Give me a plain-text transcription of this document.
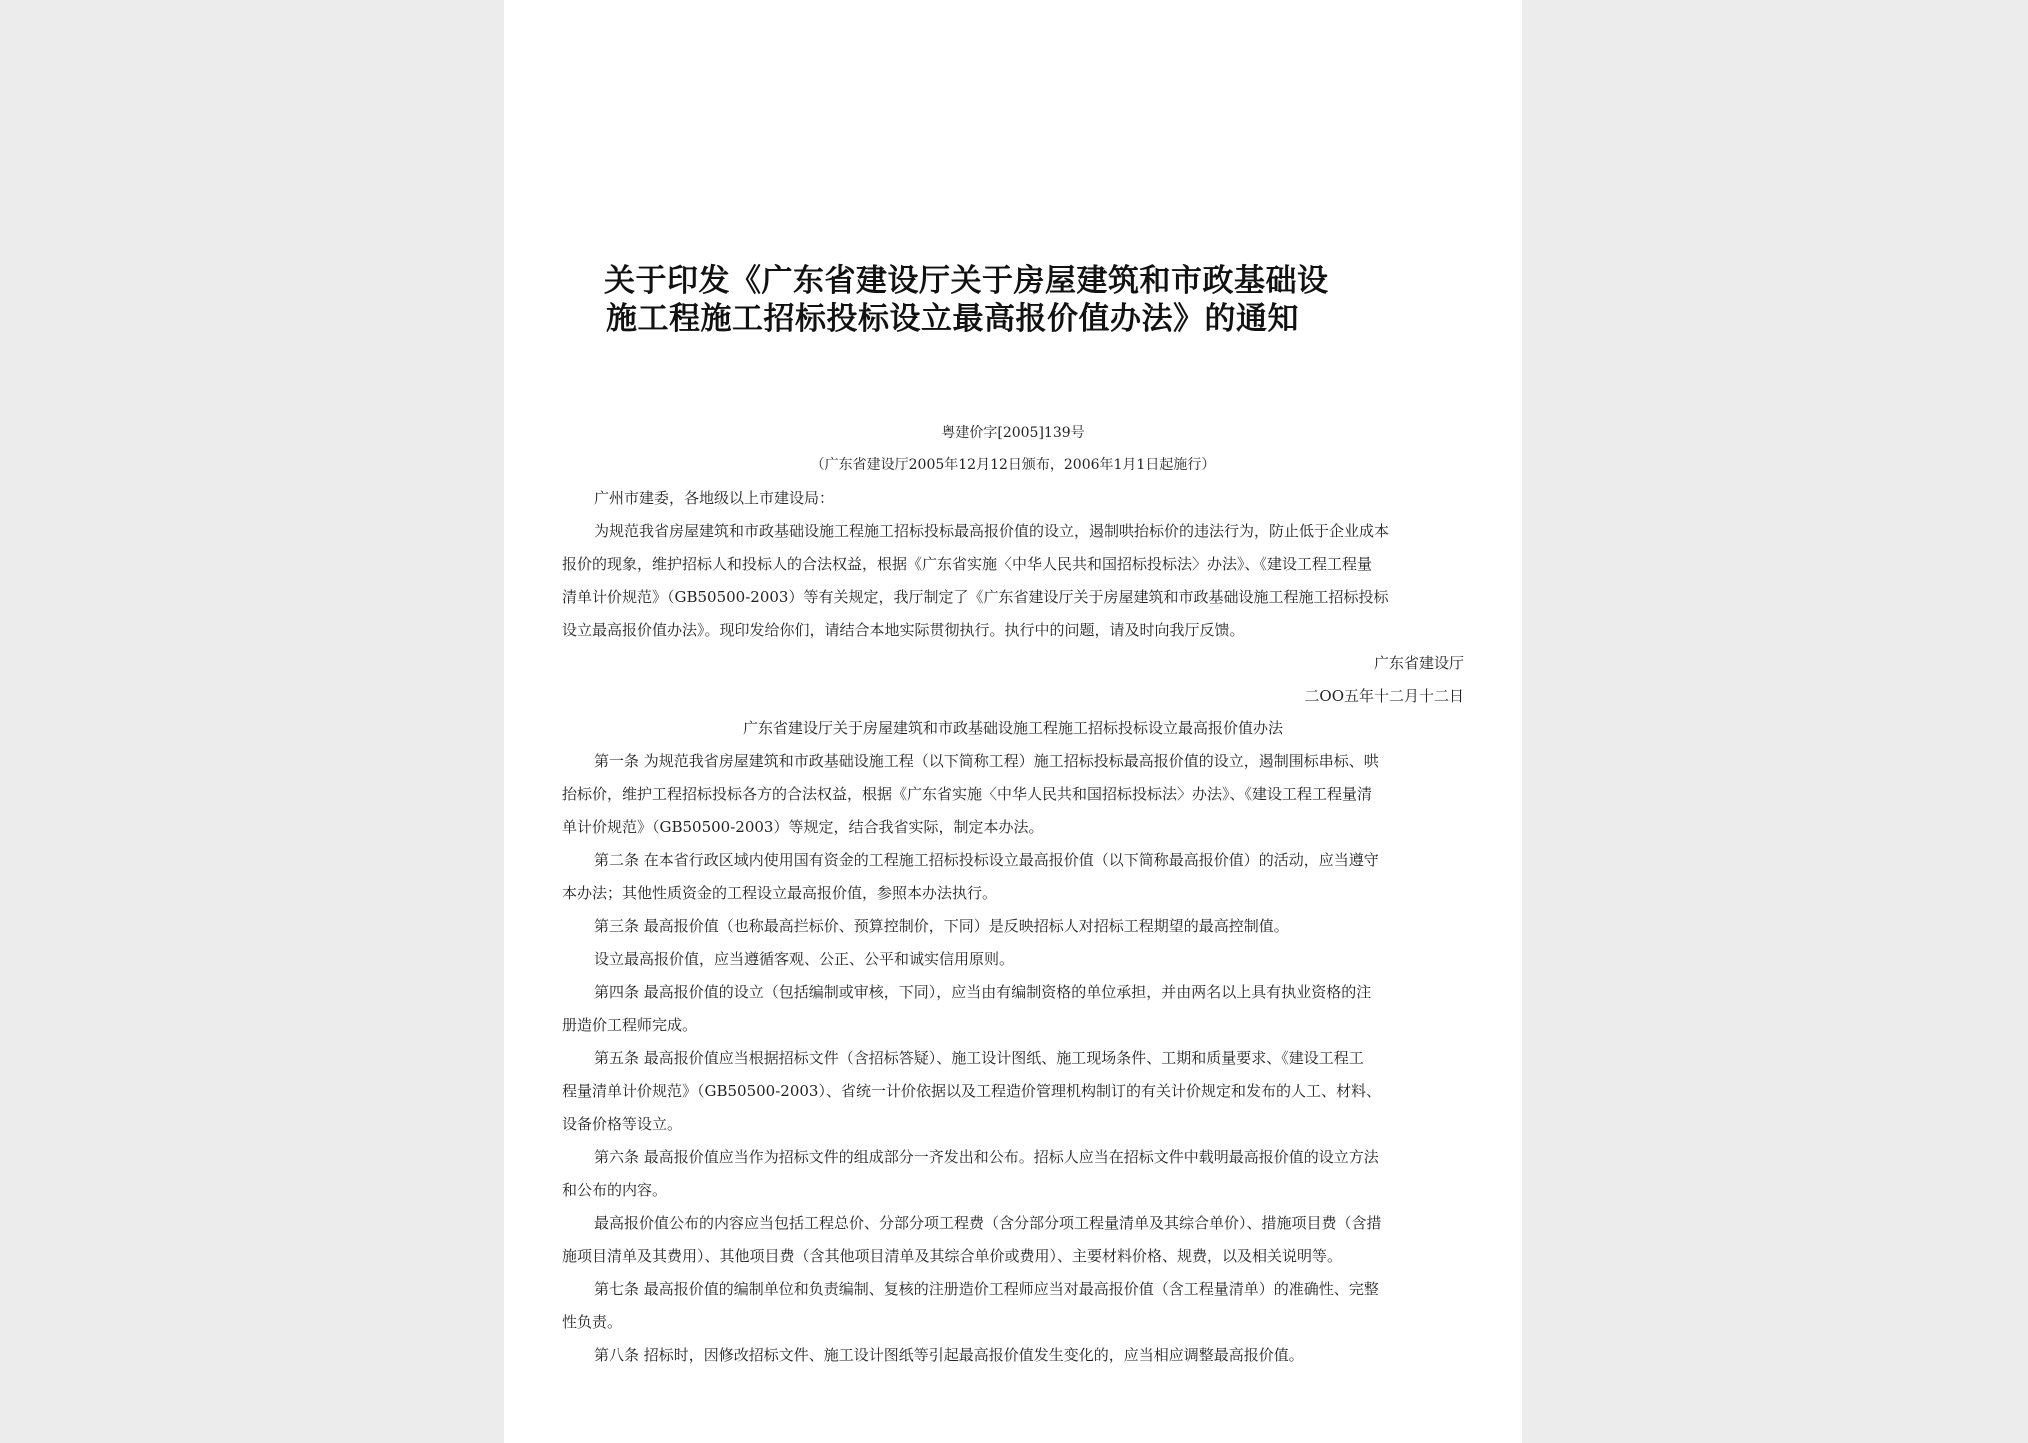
关于印发《广东省建设厅关于房屋建筑和市政基础设
施工程施工招标投标设立最高报价值办法》的通知
粤建价字[2005]139号
（广东省建设厅2005年12月12日颁布，2006年1月1日起施行）
广州市建委，各地级以上市建设局：
为规范我省房屋建筑和市政基础设施工程施工招标投标最高报价值的设立，遏制哄抬标价的违法行为，防止低于企业成本
报价的现象，维护招标人和投标人的合法权益，根据《广东省实施〈中华人民共和国招标投标法〉办法》、《建设工程工程量
清单计价规范》（GB50500-2003）等有关规定，我厅制定了《广东省建设厅关于房屋建筑和市政基础设施工程施工招标投标
设立最高报价值办法》。现印发给你们，请结合本地实际贯彻执行。执行中的问题，请及时向我厅反馈。
广东省建设厅
二OO五年十二月十二日
广东省建设厅关于房屋建筑和市政基础设施工程施工招标投标设立最高报价值办法
第一条 为规范我省房屋建筑和市政基础设施工程（以下简称工程）施工招标投标最高报价值的设立，遏制围标串标、哄
抬标价，维护工程招标投标各方的合法权益，根据《广东省实施〈中华人民共和国招标投标法〉办法》、《建设工程工程量清
单计价规范》（GB50500-2003）等规定，结合我省实际，制定本办法。
第二条 在本省行政区域内使用国有资金的工程施工招标投标设立最高报价值（以下简称最高报价值）的活动，应当遵守
本办法；其他性质资金的工程设立最高报价值，参照本办法执行。
第三条 最高报价值（也称最高拦标价、预算控制价，下同）是反映招标人对招标工程期望的最高控制值。
设立最高报价值，应当遵循客观、公正、公平和诚实信用原则。
第四条 最高报价值的设立（包括编制或审核，下同），应当由有编制资格的单位承担，并由两名以上具有执业资格的注
册造价工程师完成。
第五条 最高报价值应当根据招标文件（含招标答疑）、施工设计图纸、施工现场条件、工期和质量要求、《建设工程工
程量清单计价规范》（GB50500-2003）、省统一计价依据以及工程造价管理机构制订的有关计价规定和发布的人工、材料、
设备价格等设立。
第六条 最高报价值应当作为招标文件的组成部分一齐发出和公布。招标人应当在招标文件中载明最高报价值的设立方法
和公布的内容。
最高报价值公布的内容应当包括工程总价、分部分项工程费（含分部分项工程量清单及其综合单价）、措施项目费（含措
施项目清单及其费用）、其他项目费（含其他项目清单及其综合单价或费用）、主要材料价格、规费，以及相关说明等。
第七条 最高报价值的编制单位和负责编制、复核的注册造价工程师应当对最高报价值（含工程量清单）的准确性、完整
性负责。
第八条 招标时，因修改招标文件、施工设计图纸等引起最高报价值发生变化的，应当相应调整最高报价值。
